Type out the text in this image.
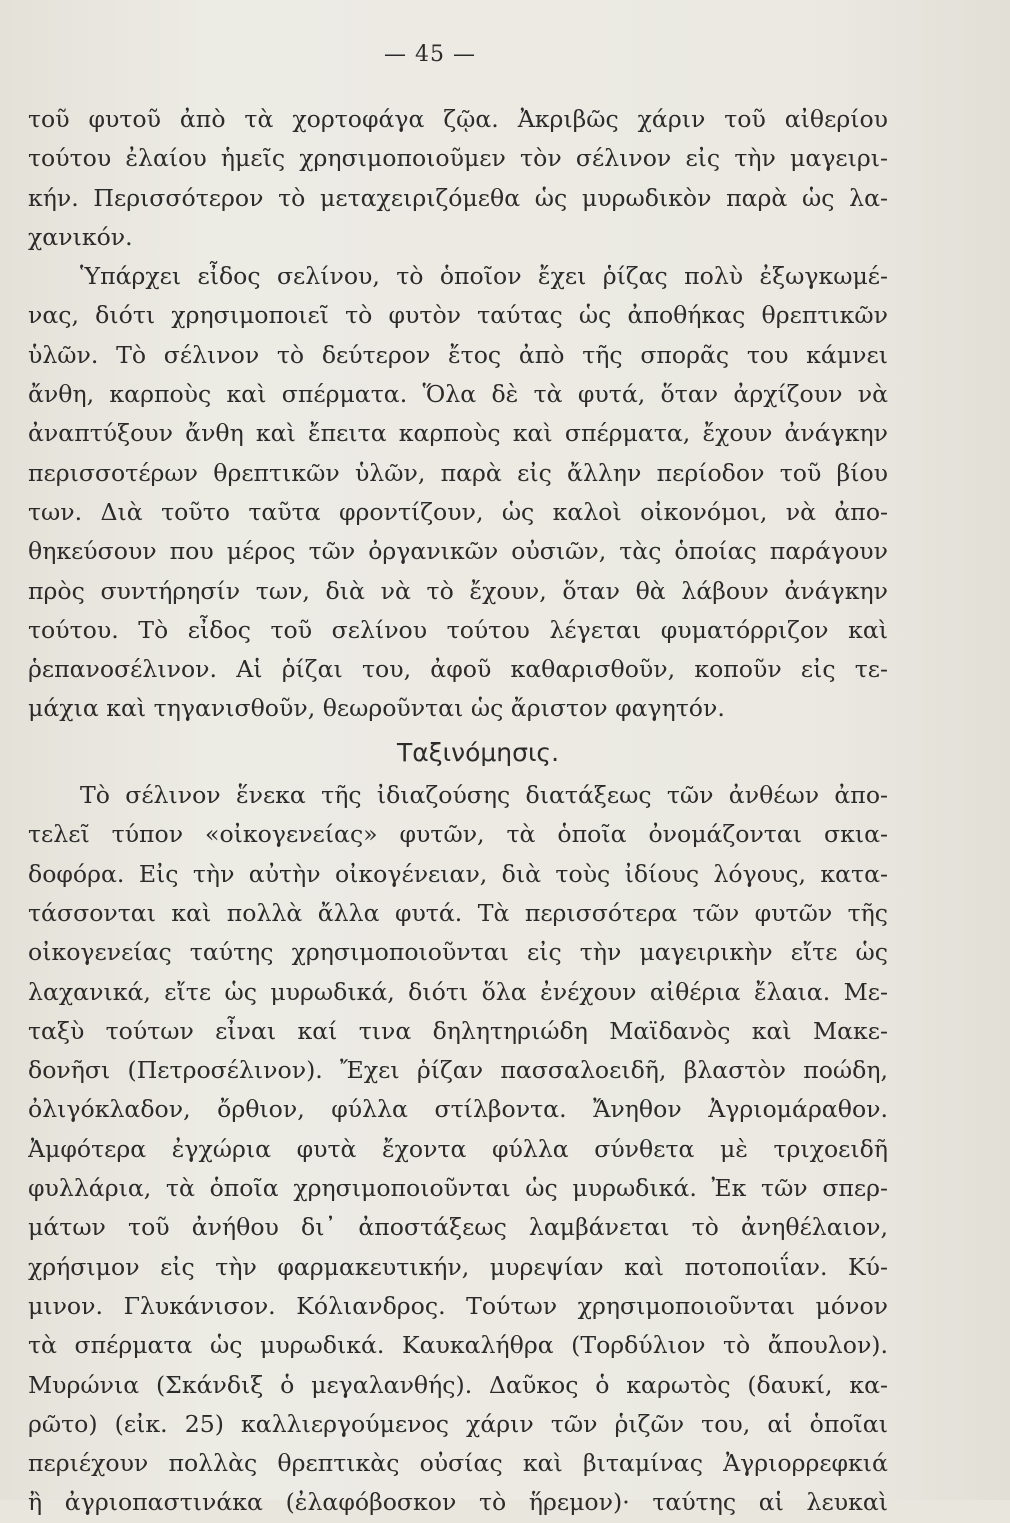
— 45 —
τοῦ φυτοῦ ἀπὸ τὰ χορτοφάγα ζῷα. Ἀκριβῶς χάριν τοῦ αἰθερίου
τούτου ἐλαίου ἡμεῖς χρησιμοποιοῦμεν τὸν σέλινον εἰς τὴν μαγειρι-
κήν. Περισσότερον τὸ μεταχειριζόμεθα ὡς μυρωδικὸν παρὰ ὡς λα-
χανικόν.
Ὑπάρχει εἶδος σελίνου, τὸ ὁποῖον ἔχει ῥίζας πολὺ ἐξωγκωμέ-
νας, διότι χρησιμοποιεῖ τὸ φυτὸν ταύτας ὡς ἀποθήκας θρεπτικῶν
ὑλῶν. Τὸ σέλινον τὸ δεύτερον ἔτος ἀπὸ τῆς σπορᾶς του κάμνει
ἄνθη, καρποὺς καὶ σπέρματα. Ὅλα δὲ τὰ φυτά, ὅταν ἀρχίζουν νὰ
ἀναπτύξουν ἄνθη καὶ ἔπειτα καρποὺς καὶ σπέρματα, ἔχουν ἀνάγκην
περισσοτέρων θρεπτικῶν ὑλῶν, παρὰ εἰς ἄλλην περίοδον τοῦ βίου
των. Διὰ τοῦτο ταῦτα φροντίζουν, ὡς καλοὶ οἰκονόμοι, νὰ ἀπο-
θηκεύσουν που μέρος τῶν ὀργανικῶν οὐσιῶν, τὰς ὁποίας παράγουν
πρὸς συντήρησίν των, διὰ νὰ τὸ ἔχουν, ὅταν θὰ λάβουν ἀνάγκην
τούτου. Τὸ εἶδος τοῦ σελίνου τούτου λέγεται φυματόρριζον καὶ
ῥεπανοσέλινον. Αἱ ῥίζαι του, ἀφοῦ καθαρισθοῦν, κοποῦν εἰς τε-
μάχια καὶ τηγανισθοῦν, θεωροῦνται ὡς ἄριστον φαγητόν.
Ταξινόμησις.
Τὸ σέλινον ἕνεκα τῆς ἰδιαζούσης διατάξεως τῶν ἀνθέων ἀπο-
τελεῖ τύπον «οἰκογενείας» φυτῶν, τὰ ὁποῖα ὀνομάζονται σκια-
δοφόρα. Εἰς τὴν αὐτὴν οἰκογένειαν, διὰ τοὺς ἰδίους λόγους, κατα-
τάσσονται καὶ πολλὰ ἄλλα φυτά. Τὰ περισσότερα τῶν φυτῶν τῆς
οἰκογενείας ταύτης χρησιμοποιοῦνται εἰς τὴν μαγειρικὴν εἴτε ὡς
λαχανικά, εἴτε ὡς μυρωδικά, διότι ὅλα ἐνέχουν αἰθέρια ἔλαια. Με-
ταξὺ τούτων εἶναι καί τινα δηλητηριώδη Μαϊδανὸς καὶ Μακε-
δονῆσι (Πετροσέλινον). Ἔχει ῥίζαν πασσαλοειδῆ, βλαστὸν ποώδη,
ὀλιγόκλαδον, ὄρθιον, φύλλα στίλβοντα. Ἄνηθον Ἀγριομάραθον.
Ἀμφότερα ἐγχώρια φυτὰ ἔχοντα φύλλα σύνθετα μὲ τριχοειδῆ
φυλλάρια, τὰ ὁποῖα χρησιμοποιοῦνται ὡς μυρωδικά. Ἐκ τῶν σπερ-
μάτων τοῦ ἀνήθου δι᾽ ἀποστάξεως λαμβάνεται τὸ ἀνηθέλαιον,
χρήσιμον εἰς τὴν φαρμακευτικήν, μυρεψίαν καὶ ποτοποιΐαν. Κύ-
μινον. Γλυκάνισον. Κόλιανδρος. Τούτων χρησιμοποιοῦνται μόνον
τὰ σπέρματα ὡς μυρωδικά. Καυκαλήθρα (Τορδύλιον τὸ ἄπουλον).
Μυρώνια (Σκάνδιξ ὁ μεγαλανθής). Δαῦκος ὁ καρωτὸς (δαυκί, κα-
ρῶτο) (εἰκ. 25) καλλιεργούμενος χάριν τῶν ῥιζῶν του, αἱ ὁποῖαι
περιέχουν πολλὰς θρεπτικὰς οὐσίας καὶ βιταμίνας Ἀγριορρεφκιά
ἢ ἀγριοπαστινάκα (ἐλαφόβοσκον τὸ ἥρεμον)· ταύτης αἱ λευκαὶ
